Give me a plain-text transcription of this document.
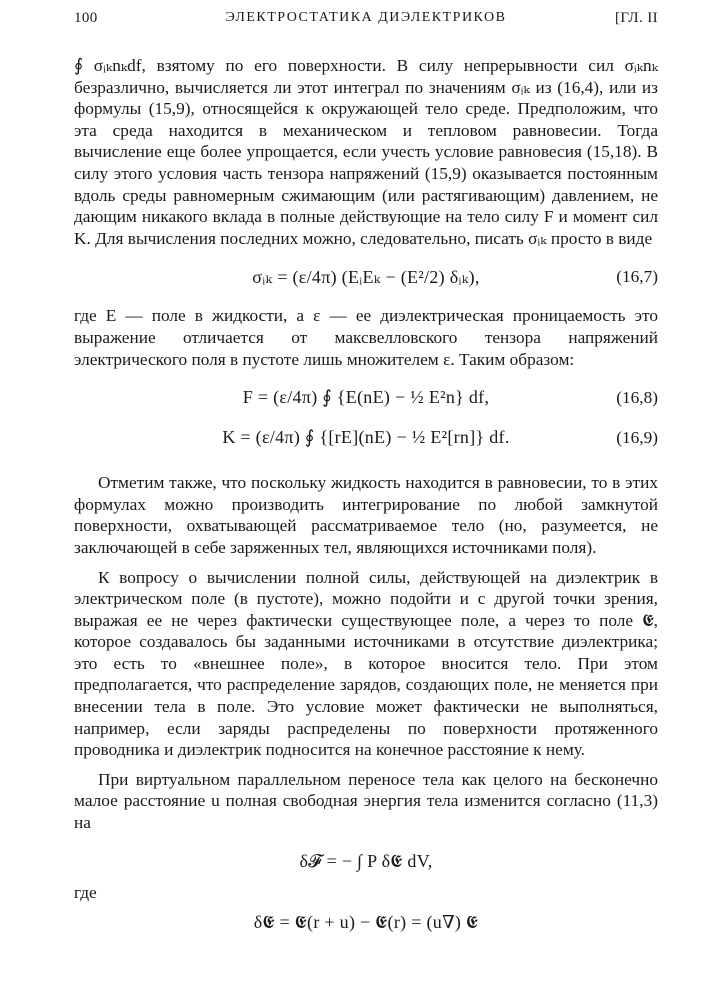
100	ЭЛЕКТРОСТАТИКА ДИЭЛЕКТРИКОВ	[ГЛ. II

∮ σᵢₖnₖdf, взятому по его поверхности. В силу непрерывности сил σᵢₖnₖ безразлично, вычисляется ли этот интеграл по значениям σᵢₖ из (16,4), или из формулы (15,9), относящейся к окружающей тело среде. Предположим, что эта среда находится в механическом и тепловом равновесии. Тогда вычисление еще более упрощается, если учесть условие равновесия (15,18). В силу этого условия часть тензора напряжений (15,9) оказывается постоянным вдоль среды равномерным сжимающим (или растягивающим) давлением, не дающим никакого вклада в полные действующие на тело силу F и момент сил K. Для вычисления последних можно, следовательно, писать σᵢₖ просто в виде

σᵢₖ = (ε/4π) (EᵢEₖ − (E²/2) δᵢₖ),	(16,7)

где E — поле в жидкости, а ε — ее диэлектрическая проницаемость это выражение отличается от максвелловского тензора напряжений электрического поля в пустоте лишь множителем ε. Таким образом:

F = (ε/4π) ∮ {E(nE) − ½ E²n} df,	(16,8)
K = (ε/4π) ∮ {[rE](nE) − ½ E²[rn]} df.	(16,9)

Отметим также, что поскольку жидкость находится в равновесии, то в этих формулах можно производить интегрирование по любой замкнутой поверхности, охватывающей рассматриваемое тело (но, разумеется, не заключающей в себе заряженных тел, являющихся источниками поля).

К вопросу о вычислении полной силы, действующей на диэлектрик в электрическом поле (в пустоте), можно подойти и с другой точки зрения, выражая ее не через фактически существующее поле, а через то поле 𝕰, которое создавалось бы заданными источниками в отсутствие диэлектрика; это есть то «внешнее поле», в которое вносится тело. При этом предполагается, что распределение зарядов, создающих поле, не меняется при внесении тела в поле. Это условие может фактически не выполняться, например, если заряды распределены по поверхности протяженного проводника и диэлектрик подносится на конечное расстояние к нему.

При виртуальном параллельном переносе тела как целого на бесконечно малое расстояние u полная свободная энергия тела изменится согласно (11,3) на

δ𝓕 = − ∫ P δ𝕰 dV,

где

δ𝕰 = 𝕰(r + u) − 𝕰(r) = (u∇) 𝕰
